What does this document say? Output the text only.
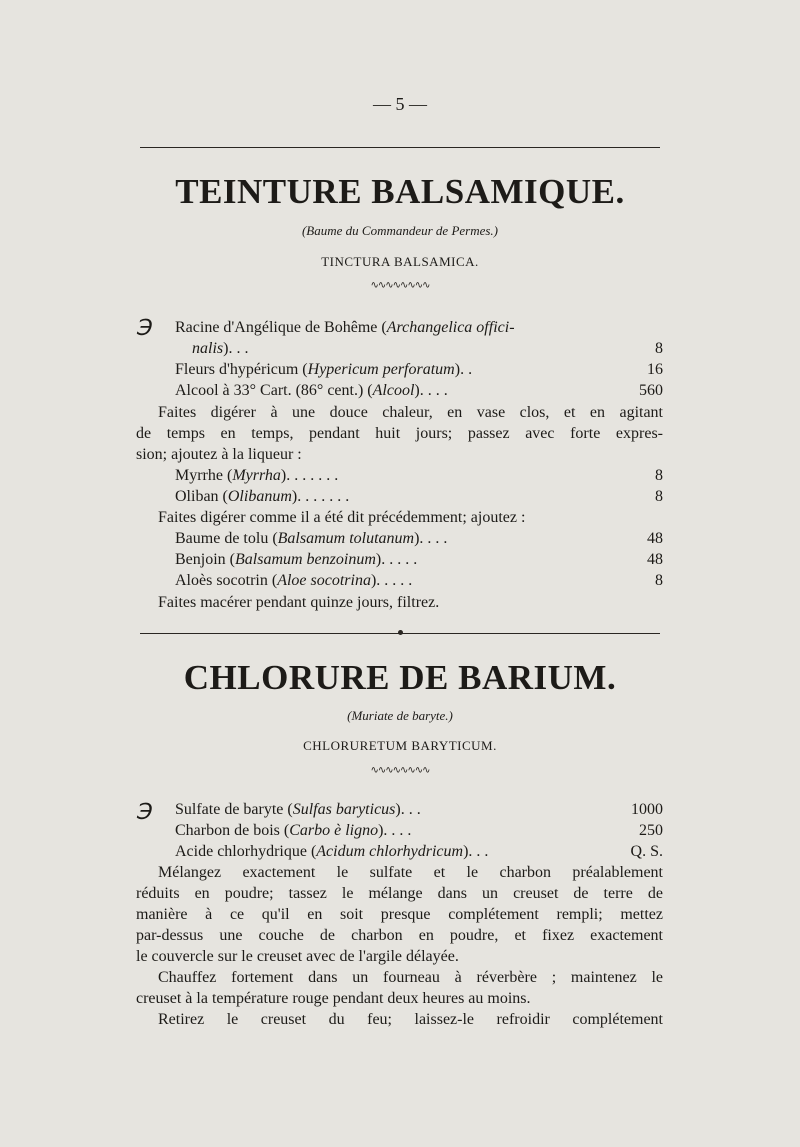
— 5 —
TEINTURE BALSAMIQUE.
(Baume du Commandeur de Permes.)
TINCTURA BALSAMICA.
∿∿∿∿∿∿∿∿
℈ Racine d'Angélique de Bohême (Archangelica offici-
nalis). . .	8
Fleurs d'hypéricum (Hypericum perforatum). .	16
Alcool à 33° Cart. (86° cent.) (Alcool). . . .	560
Faites digérer à une douce chaleur, en vase clos, et en agitant
de temps en temps, pendant huit jours; passez avec forte expres-
sion; ajoutez à la liqueur :
Myrrhe (Myrrha). . . . . . .	8
Oliban (Olibanum). . . . . . .	8
Faites digérer comme il a été dit précédemment; ajoutez :
Baume de tolu (Balsamum tolutanum). . . .	48
Benjoin (Balsamum benzoinum). . . . .	48
Aloès socotrin (Aloe socotrina). . . . .	8
Faites macérer pendant quinze jours, filtrez.
CHLORURE DE BARIUM.
(Muriate de baryte.)
CHLORURETUM BARYTICUM.
∿∿∿∿∿∿∿∿
℈ Sulfate de baryte (Sulfas baryticus). . .	1000
Charbon de bois (Carbo è ligno). . . .	250
Acide chlorhydrique (Acidum chlorhydricum). . .	Q. S.
Mélangez exactement le sulfate et le charbon préalablement
réduits en poudre; tassez le mélange dans un creuset de terre de
manière à ce qu'il en soit presque complétement rempli; mettez
par-dessus une couche de charbon en poudre, et fixez exactement
le couvercle sur le creuset avec de l'argile délayée.
Chauffez fortement dans un fourneau à réverbère ; maintenez le
creuset à la température rouge pendant deux heures au moins.
Retirez le creuset du feu; laissez-le refroidir complétement
